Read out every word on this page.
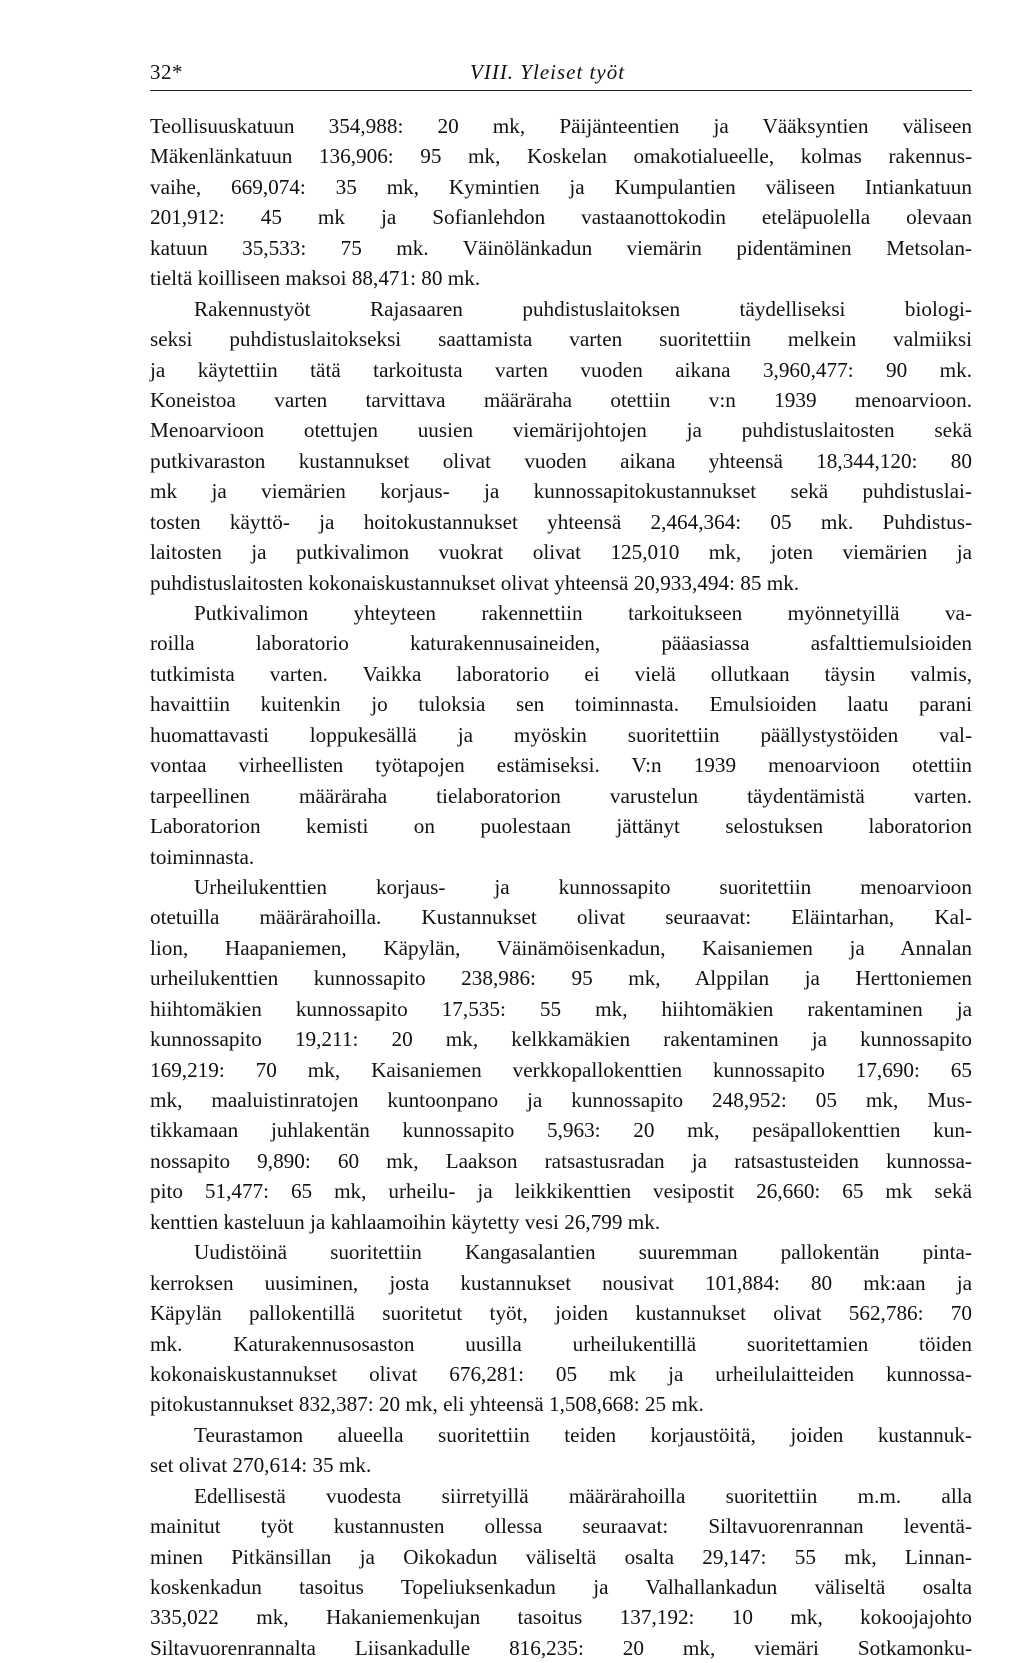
32*	VIII. Yleiset työt
Teollisuuskatuun 354,988: 20 mk, Päijänteentien ja Vääksyntien väliseen
Mäkenlänkatuun 136,906: 95 mk, Koskelan omakotialueelle, kolmas rakennus-
vaihe, 669,074: 35 mk, Kymintien ja Kumpulantien väliseen Intiankatuun
201,912: 45 mk ja Sofianlehdon vastaanottokodin eteläpuolella olevaan
katuun 35,533: 75 mk. Väinölänkadun viemärin pidentäminen Metsolan-
tieltä koilliseen maksoi 88,471: 80 mk.
Rakennustyöt Rajasaaren puhdistuslaitoksen täydelliseksi biologi-
seksi puhdistuslaitokseksi saattamista varten suoritettiin melkein valmiiksi
ja käytettiin tätä tarkoitusta varten vuoden aikana 3,960,477: 90 mk.
Koneistoa varten tarvittava määräraha otettiin v:n 1939 menoarvioon.
Menoarvioon otettujen uusien viemärijohtojen ja puhdistuslaitosten sekä
putkivaraston kustannukset olivat vuoden aikana yhteensä 18,344,120: 80
mk ja viemärien korjaus- ja kunnossapitokustannukset sekä puhdistuslai-
tosten käyttö- ja hoitokustannukset yhteensä 2,464,364: 05 mk. Puhdistus-
laitosten ja putkivalimon vuokrat olivat 125,010 mk, joten viemärien ja
puhdistuslaitosten kokonaiskustannukset olivat yhteensä 20,933,494: 85 mk.
Putkivalimon yhteyteen rakennettiin tarkoitukseen myönnetyillä va-
roilla laboratorio katurakennusaineiden, pääasiassa asfalttiemulsioiden
tutkimista varten. Vaikka laboratorio ei vielä ollutkaan täysin valmis,
havaittiin kuitenkin jo tuloksia sen toiminnasta. Emulsioiden laatu parani
huomattavasti loppukesällä ja myöskin suoritettiin päällystystöiden val-
vontaa virheellisten työtapojen estämiseksi. V:n 1939 menoarvioon otettiin
tarpeellinen määräraha tielaboratorion varustelun täydentämistä varten.
Laboratorion kemisti on puolestaan jättänyt selostuksen laboratorion
toiminnasta.
Urheilukenttien korjaus- ja kunnossapito suoritettiin menoarvioon
otetuilla määrärahoilla. Kustannukset olivat seuraavat: Eläintarhan, Kal-
lion, Haapaniemen, Käpylän, Väinämöisenkadun, Kaisaniemen ja Annalan
urheilukenttien kunnossapito 238,986: 95 mk, Alppilan ja Herttoniemen
hiihtomäkien kunnossapito 17,535: 55 mk, hiihtomäkien rakentaminen ja
kunnossapito 19,211: 20 mk, kelkkamäkien rakentaminen ja kunnossapito
169,219: 70 mk, Kaisaniemen verkkopallokenttien kunnossapito 17,690: 65
mk, maaluistinratojen kuntoonpano ja kunnossapito 248,952: 05 mk, Mus-
tikkamaan juhlakentän kunnossapito 5,963: 20 mk, pesäpallokenttien kun-
nossapito 9,890: 60 mk, Laakson ratsastusradan ja ratsastusteiden kunnossa-
pito 51,477: 65 mk, urheilu- ja leikkikenttien vesipostit 26,660: 65 mk sekä
kenttien kasteluun ja kahlaamoihin käytetty vesi 26,799 mk.
Uudistöinä suoritettiin Kangasalantien suuremman pallokentän pinta-
kerroksen uusiminen, josta kustannukset nousivat 101,884: 80 mk:aan ja
Käpylän pallokentillä suoritetut työt, joiden kustannukset olivat 562,786: 70
mk. Katurakennusosaston uusilla urheilukentillä suoritettamien töiden
kokonaiskustannukset olivat 676,281: 05 mk ja urheilulaitteiden kunnossa-
pitokustannukset 832,387: 20 mk, eli yhteensä 1,508,668: 25 mk.
Teurastamon alueella suoritettiin teiden korjaustöitä, joiden kustannuk-
set olivat 270,614: 35 mk.
Edellisestä vuodesta siirretyillä määrärahoilla suoritettiin m.m. alla
mainitut työt kustannusten ollessa seuraavat: Siltavuorenrannan leventä-
minen Pitkänsillan ja Oikokadun väliseltä osalta 29,147: 55 mk, Linnan-
koskenkadun tasoitus Topeliuksenkadun ja Valhallankadun väliseltä osalta
335,022 mk, Hakaniemenkujan tasoitus 137,192: 10 mk, kokoojajohto
Siltavuorenrannalta Liisankadulle 816,235: 20 mk, viemäri Sotkamonku-
